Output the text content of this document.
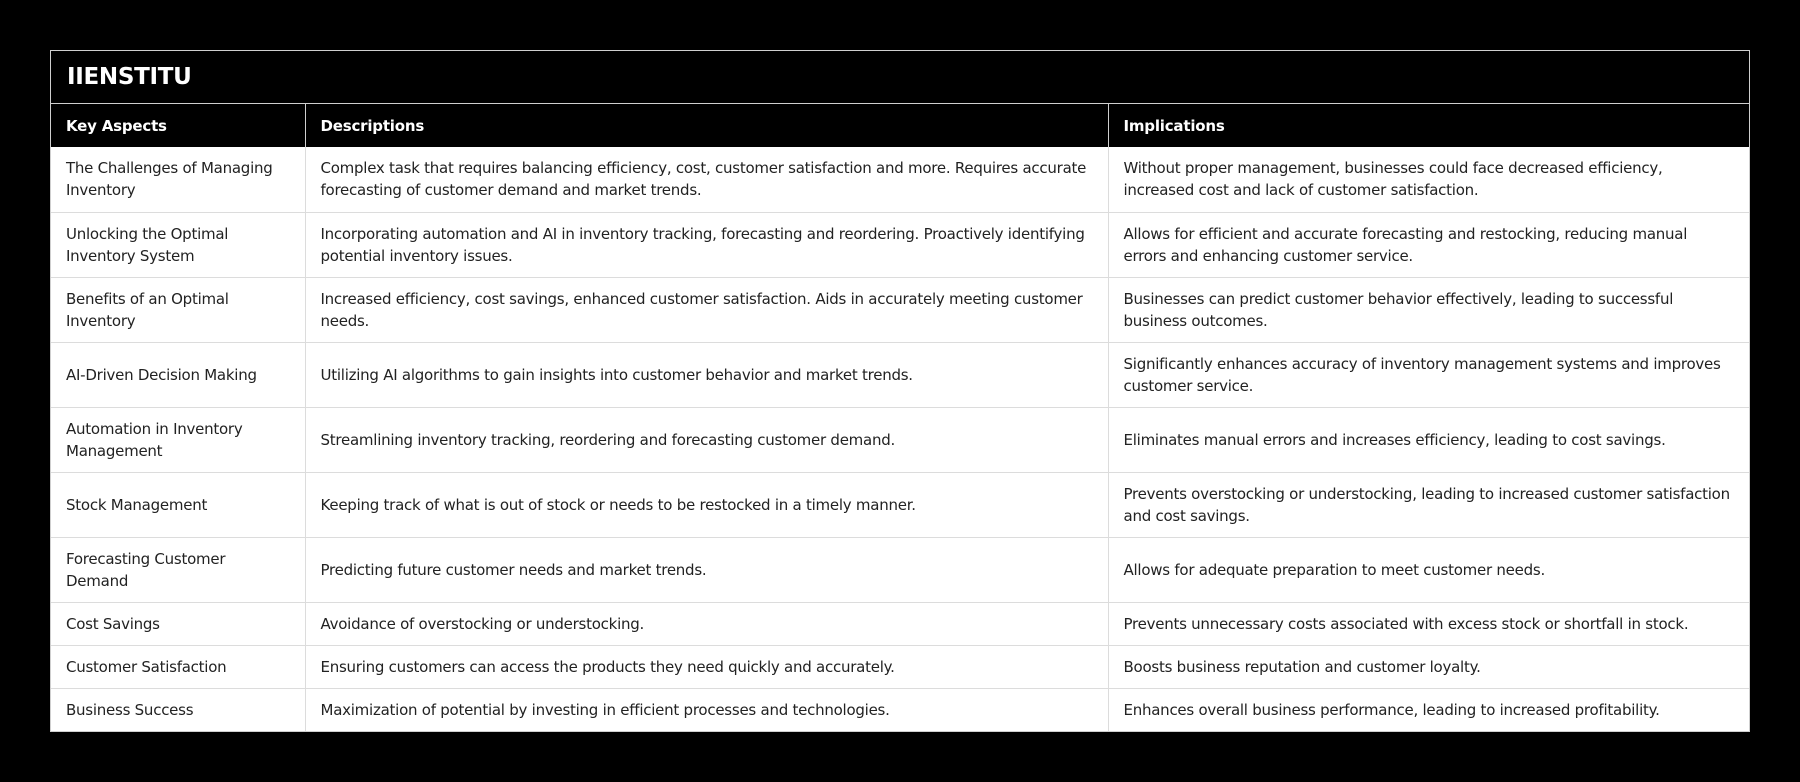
IIENSTITU
Key Aspects	Descriptions	Implications
The Challenges of Managing Inventory	Complex task that requires balancing efficiency, cost, customer satisfaction and more. Requires accurate forecasting of customer demand and market trends.	Without proper management, businesses could face decreased efficiency, increased cost and lack of customer satisfaction.
Unlocking the Optimal Inventory System	Incorporating automation and AI in inventory tracking, forecasting and reordering. Proactively identifying potential inventory issues.	Allows for efficient and accurate forecasting and restocking, reducing manual errors and enhancing customer service.
Benefits of an Optimal Inventory	Increased efficiency, cost savings, enhanced customer satisfaction. Aids in accurately meeting customer needs.	Businesses can predict customer behavior effectively, leading to successful business outcomes.
AI-Driven Decision Making	Utilizing AI algorithms to gain insights into customer behavior and market trends.	Significantly enhances accuracy of inventory management systems and improves customer service.
Automation in Inventory Management	Streamlining inventory tracking, reordering and forecasting customer demand.	Eliminates manual errors and increases efficiency, leading to cost savings.
Stock Management	Keeping track of what is out of stock or needs to be restocked in a timely manner.	Prevents overstocking or understocking, leading to increased customer satisfaction and cost savings.
Forecasting Customer Demand	Predicting future customer needs and market trends.	Allows for adequate preparation to meet customer needs.
Cost Savings	Avoidance of overstocking or understocking.	Prevents unnecessary costs associated with excess stock or shortfall in stock.
Customer Satisfaction	Ensuring customers can access the products they need quickly and accurately.	Boosts business reputation and customer loyalty.
Business Success	Maximization of potential by investing in efficient processes and technologies.	Enhances overall business performance, leading to increased profitability.
